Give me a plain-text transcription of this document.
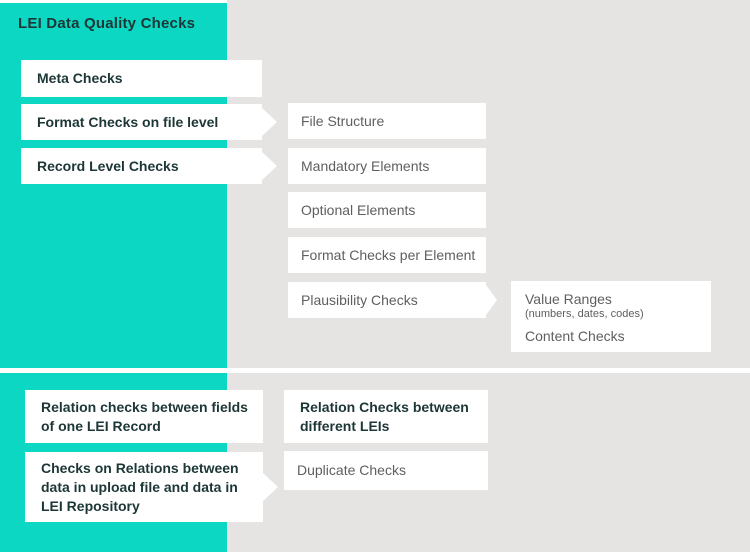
LEI Data Quality Checks
Meta Checks
Format Checks on file level
Record Level Checks
File Structure
Mandatory Elements
Optional Elements
Format Checks per Element
Plausibility Checks	Value Ranges
(numbers, dates, codes)
Content Checks
Relation checks between fields of one LEI Record
Checks on Relations between data in upload file and data in LEI Repository
Relation Checks between different LEIs
Duplicate Checks
